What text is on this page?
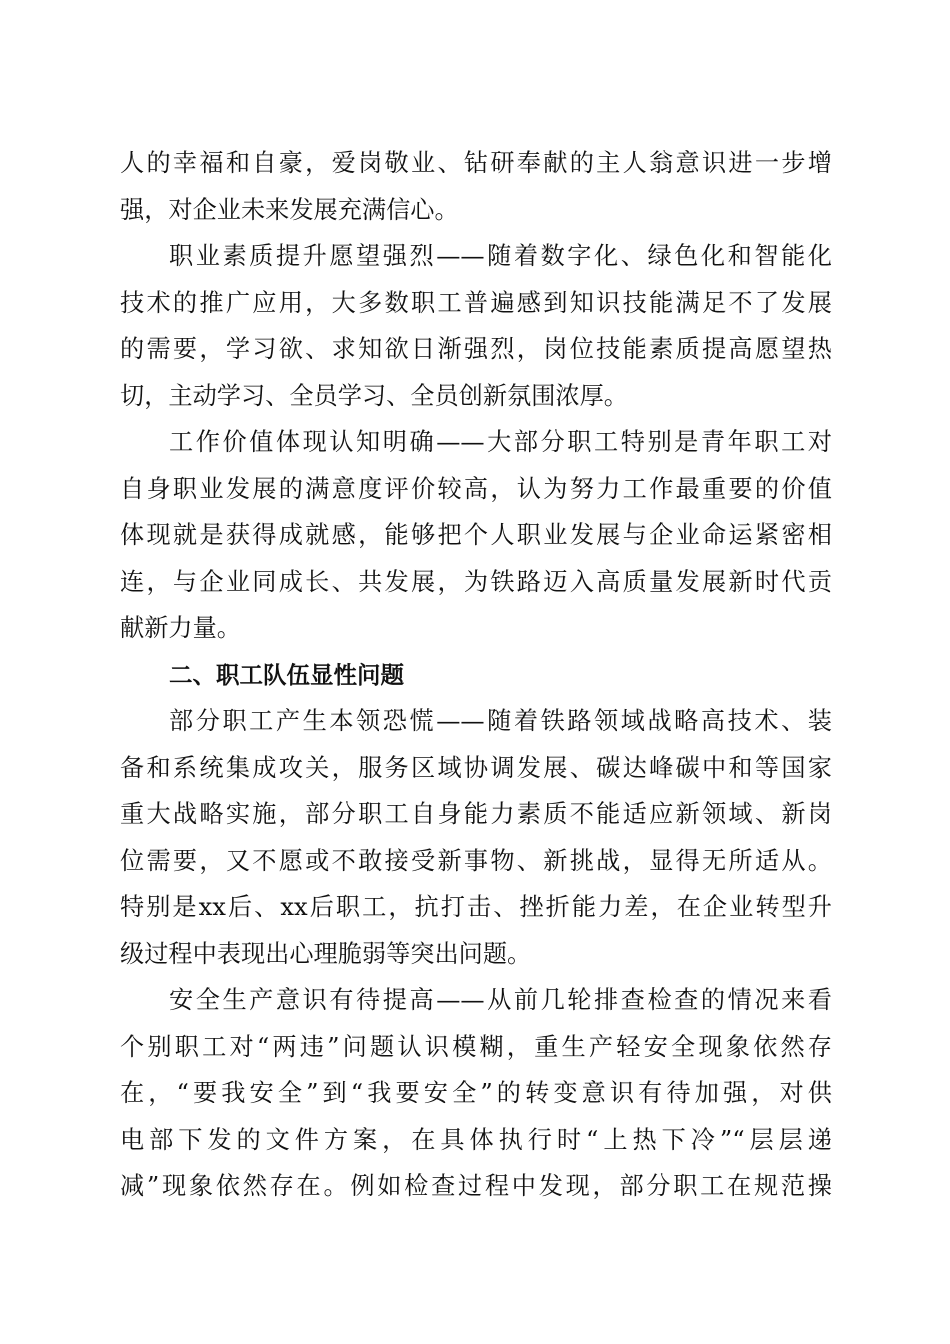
人的幸福和自豪，爱岗敬业、钻研奉献的主人翁意识进一步增
强，对企业未来发展充满信心。
职业素质提升愿望强烈——随着数字化、绿色化和智能化
技术的推广应用，大多数职工普遍感到知识技能满足不了发展
的需要，学习欲、求知欲日渐强烈，岗位技能素质提高愿望热
切，主动学习、全员学习、全员创新氛围浓厚。
工作价值体现认知明确——大部分职工特别是青年职工对
自身职业发展的满意度评价较高，认为努力工作最重要的价值
体现就是获得成就感，能够把个人职业发展与企业命运紧密相
连，与企业同成长、共发展，为铁路迈入高质量发展新时代贡
献新力量。
二、职工队伍显性问题
部分职工产生本领恐慌——随着铁路领域战略高技术、装
备和系统集成攻关，服务区域协调发展、碳达峰碳中和等国家
重大战略实施，部分职工自身能力素质不能适应新领域、新岗
位需要，又不愿或不敢接受新事物、新挑战，显得无所适从。
特别是xx后、xx后职工，抗打击、挫折能力差，在企业转型升
级过程中表现出心理脆弱等突出问题。
安全生产意识有待提高——从前几轮排查检查的情况来看
个别职工对“两违”问题认识模糊，重生产轻安全现象依然存
在，“要我安全”到“我要安全”的转变意识有待加强，对供
电部下发的文件方案，在具体执行时“上热下冷”“层层递
减”现象依然存在。例如检查过程中发现，部分职工在规范操
